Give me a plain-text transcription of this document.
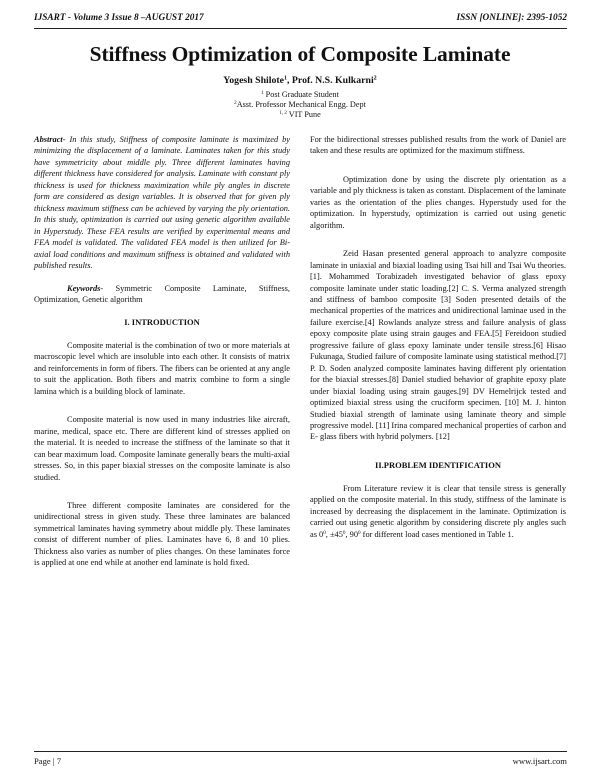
IJSART - Volume 3 Issue 8 –AUGUST 2017	ISSN [ONLINE]: 2395-1052
Stiffness Optimization of Composite Laminate
Yogesh Shilote$^1$, Prof. N.S. Kulkarni$^2$
$^1$ Post Graduate Student
$^2$Asst. Professor Mechanical Engg. Dept
$^{1, 2}$ VIT Pune

Abstract- In this study, Stiffness of composite laminate is maximized by minimizing the displacement of a laminate. Laminates taken for this study have symmetricity about middle ply. Three different laminates having different thickness have considered for analysis. Laminate with constant ply thickness is used for thickness maximization while ply angles in discrete form are considered as design variables. It is observed that for given ply thickness maximum stiffness can be achieved by varying the ply orientation. In this study, optimization is carried out using genetic algorithm available in Hyperstudy. These FEA results are verified by experimental means and FEA model is validated. The validated FEA model is then utilized for Bi-axial load conditions and maximum stiffness is obtained and validated with published results.

Keywords- Symmetric Composite Laminate, Stiffness, Optimization, Genetic algorithm

I. INTRODUCTION

Composite material is the combination of two or more materials at macroscopic level which are insoluble into each other. It consists of matrix and reinforcements in form of fibers. The fibers can be oriented at any angle to suit the application. Both fibers and matrix combine to form a single lamina which is a building block of laminate.

Composite material is now used in many industries like aircraft, marine, medical, space etc. There are different kind of stresses applied on the material. It is needed to increase the stiffness of the laminate so that it can bear maximum load. Composite laminate generally bears the multi-axial stresses. So, in this paper biaxial stresses on the composite laminate is also studied.

Three different composite laminates are considered for the unidirectional stress in given study. These three laminates are balanced symmetrical laminates having symmetry about middle ply. These laminates consist of different number of plies. Laminates have 6, 8 and 10 plies. Thickness also varies as number of plies changes. On these laminates force is applied at one end while at another end laminate is hold fixed.

For the bidirectional stresses published results from the work of Daniel are taken and these results are optimized for the maximum stiffness.

Optimization done by using the discrete ply orientation as a variable and ply thickness is taken as constant. Displacement of the laminate varies as the orientation of the plies changes. Hyperstudy used for the optimization. In hyperstudy, optimization is carried out using genetic algorithm.

Zeid Hasan presented general approach to analyzre composite laminate in uniaxial and biaxial loading using Tsai hill and Tsai Wu theories. [1]. Mohammed Torabizadeh investigated behavior of glass epoxy composite laminate under static loading.[2] C. S. Verma analyzed strength and stiffness of bamboo composite [3] Soden presented details of the mechanical properties of the matrices and unidirectional laminae used in the failure exercise.[4] Rowlands analyze stress and failure analysis of glass epoxy composite plate using strain gauges and FEA.[5] Fereidoon studied progressive failure of glass epoxy laminate under tensile stress.[6] Hisao Fukunaga, Studied failure of composite laminate using statistical method.[7] P. D. Soden analyzed composite laminates having different ply orientation for the biaxial stresses.[8] Daniel studied behavior of graphite epoxy plate under biaxial loading using strain gauges.[9] DV Hemelrijck tested and optimized biaxial stress using the cruciform specimen. [10] M. J. hinton Studied biaxial strength of laminate using laminate theory and simple progressive model. [11] Irina compared mechanical properties of carbon and E- glass fibers with hybrid polymers. [12]

II.PROBLEM IDENTIFICATION

From Literature review it is clear that tensile stress is generally applied on the composite material. In this study, stiffness of the laminate is increased by decreasing the displacement in the laminate. Optimization is carried out using genetic algorithm by considering discrete ply angles such as $0^0$, $\pm 45^0$, $90^0$ for different load cases mentioned in Table 1.

Page | 7	www.ijsart.com
